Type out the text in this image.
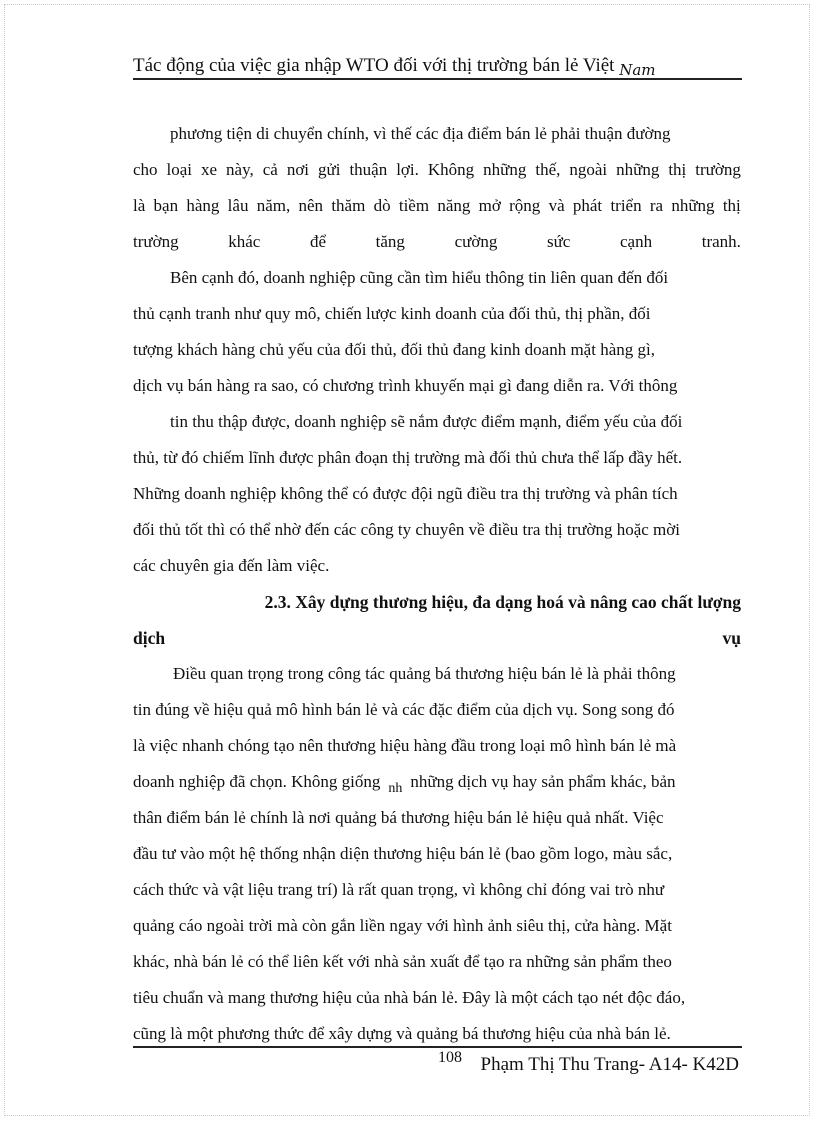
Tác động của việc gia nhập WTO đối với thị trường bán lẻ Việt $_{Nam}$
phương tiện di chuyển chính, vì thế các địa điểm bán lẻ phải thuận đường
cho loại xe này, cả nơi gửi thuận lợi. Không những thế, ngoài những thị trường
là bạn hàng lâu năm, nên thăm dò tiềm năng mở rộng và phát triển ra những thị
trường	khác	để	tăng	cường	sức	cạnh	tranh.
Bên cạnh đó, doanh nghiệp cũng cần tìm hiểu thông tin liên quan đến đối
thủ cạnh tranh như quy mô, chiến lược kinh doanh của đối thủ, thị phần, đối
tượng khách hàng chủ yếu của đối thủ, đối thủ đang kinh doanh mặt hàng gì,
dịch vụ bán hàng ra sao, có chương trình khuyến mại gì đang diễn ra. Với thông
tin thu thập được, doanh nghiệp sẽ nắm được điểm mạnh, điểm yếu của đối
thủ, từ đó chiếm lĩnh được phân đoạn thị trường mà đối thủ chưa thể lấp đầy hết.
Những doanh nghiệp không thể có được đội ngũ điều tra thị trường và phân tích
đối thủ tốt thì có thể nhờ đến các công ty chuyên về điều tra thị trường hoặc mời
các chuyên gia đến làm việc.
2.3. Xây dựng thương hiệu, đa dạng hoá và nâng cao chất lượng
dịch	vụ
Điều quan trọng trong công tác quảng bá thương hiệu bán lẻ là phải thông
tin đúng về hiệu quả mô hình bán lẻ và các đặc điểm của dịch vụ. Song song đó
là việc nhanh chóng tạo nên thương hiệu hàng đầu trong loại mô hình bán lẻ mà
doanh nghiệp đã chọn. Không giống $_{nh}$ những dịch vụ hay sản phẩm khác, bản
thân điểm bán lẻ chính là nơi quảng bá thương hiệu bán lẻ hiệu quả nhất. Việc
đầu tư vào một hệ thống nhận diện thương hiệu bán lẻ (bao gồm logo, màu sắc,
cách thức và vật liệu trang trí) là rất quan trọng, vì không chỉ đóng vai trò như
quảng cáo ngoài trời mà còn gắn liền ngay với hình ảnh siêu thị, cửa hàng. Mặt
khác, nhà bán lẻ có thể liên kết với nhà sản xuất để tạo ra những sản phẩm theo
tiêu chuẩn và mang thương hiệu của nhà bán lẻ. Đây là một cách tạo nét độc đáo,
cũng là một phương thức để xây dựng và quảng bá thương hiệu của nhà bán lẻ.
108 Phạm Thị Thu Trang- A14- K42D
